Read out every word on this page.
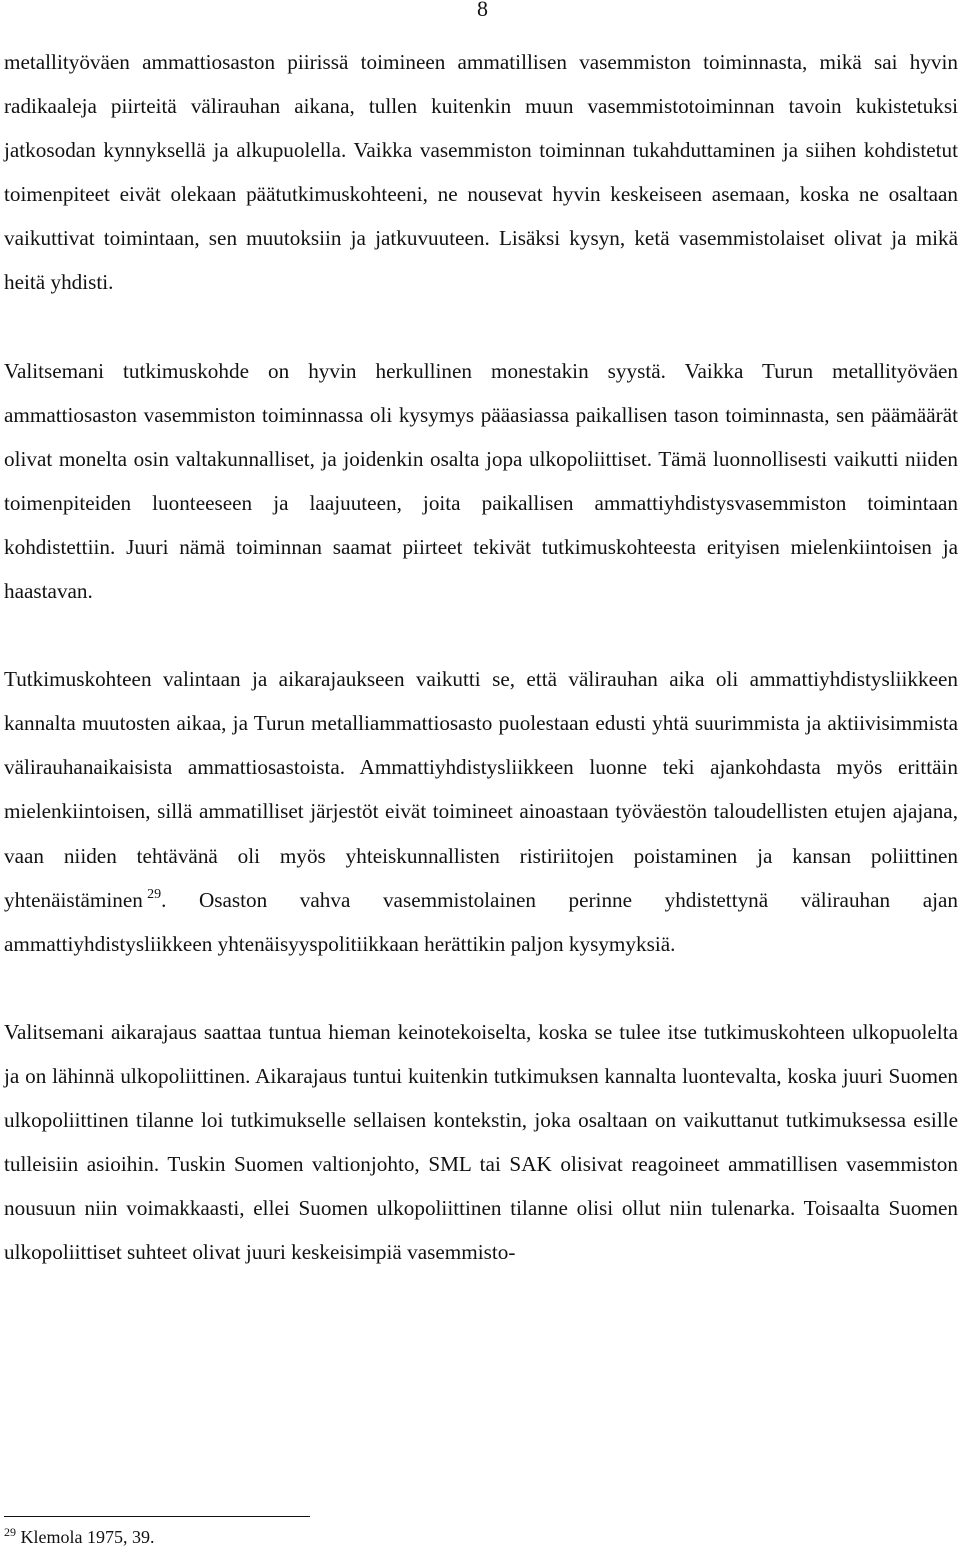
8

metallityöväen ammattiosaston piirissä toimineen ammatillisen vasemmiston toiminnasta, mikä sai hyvin radikaaleja piirteitä välirauhan aikana, tullen kuitenkin muun vasemmistotoiminnan tavoin kukistetuksi jatkosodan kynnyksellä ja alkupuolella. Vaikka vasemmiston toiminnan tukahduttaminen ja siihen kohdistetut toimenpiteet eivät olekaan päätutkimuskohteeni, ne nousevat hyvin keskeiseen asemaan, koska ne osaltaan vaikuttivat toimintaan, sen muutoksiin ja jatkuvuuteen. Lisäksi kysyn, ketä vasemmistolaiset olivat ja mikä heitä yhdisti.

Valitsemani tutkimuskohde on hyvin herkullinen monestakin syystä. Vaikka Turun metallityöväen ammattiosaston vasemmiston toiminnassa oli kysymys pääasiassa paikallisen tason toiminnasta, sen päämäärät olivat monelta osin valtakunnalliset, ja joidenkin osalta jopa ulkopoliittiset. Tämä luonnollisesti vaikutti niiden toimenpiteiden luonteeseen ja laajuuteen, joita paikallisen ammattiyhdistysvasemmiston toimintaan kohdistettiin. Juuri nämä toiminnan saamat piirteet tekivät tutkimuskohteesta erityisen mielenkiintoisen ja haastavan.

Tutkimuskohteen valintaan ja aikarajaukseen vaikutti se, että välirauhan aika oli ammattiyhdistysliikkeen kannalta muutosten aikaa, ja Turun metalliammattiosasto puolestaan edusti yhtä suurimmista ja aktiivisimmista välirauhanaikaisista ammattiosastoista. Ammattiyhdistysliikkeen luonne teki ajankohdasta myös erittäin mielenkiintoisen, sillä ammatilliset järjestöt eivät toimineet ainoastaan työväestön taloudellisten etujen ajajana, vaan niiden tehtävänä oli myös yhteiskunnallisten ristiriitojen poistaminen ja kansan poliittinen yhtenäistäminen  $^{29}$. Osaston vahva vasemmistolainen perinne yhdistettynä välirauhan ajan ammattiyhdistysliikkeen yhtenäisyyspolitiikkaan herättikin paljon kysymyksiä.

Valitsemani aikarajaus saattaa tuntua hieman keinotekoiselta, koska se tulee itse tutkimuskohteen ulkopuolelta ja on lähinnä ulkopoliittinen. Aikarajaus tuntui kuitenkin tutkimuksen kannalta luontevalta, koska juuri Suomen ulkopoliittinen tilanne loi tutkimukselle sellaisen kontekstin, joka osaltaan on vaikuttanut tutkimuksessa esille tulleisiin asioihin. Tuskin Suomen valtionjohto, SML tai SAK olisivat reagoineet ammatillisen vasemmiston nousuun niin voimakkaasti, ellei Suomen ulkopoliittinen tilanne olisi ollut niin tulenarka. Toisaalta Suomen ulkopoliittiset suhteet olivat juuri keskeisimpiä vasemmisto-

$^{29}$ Klemola 1975, 39.
